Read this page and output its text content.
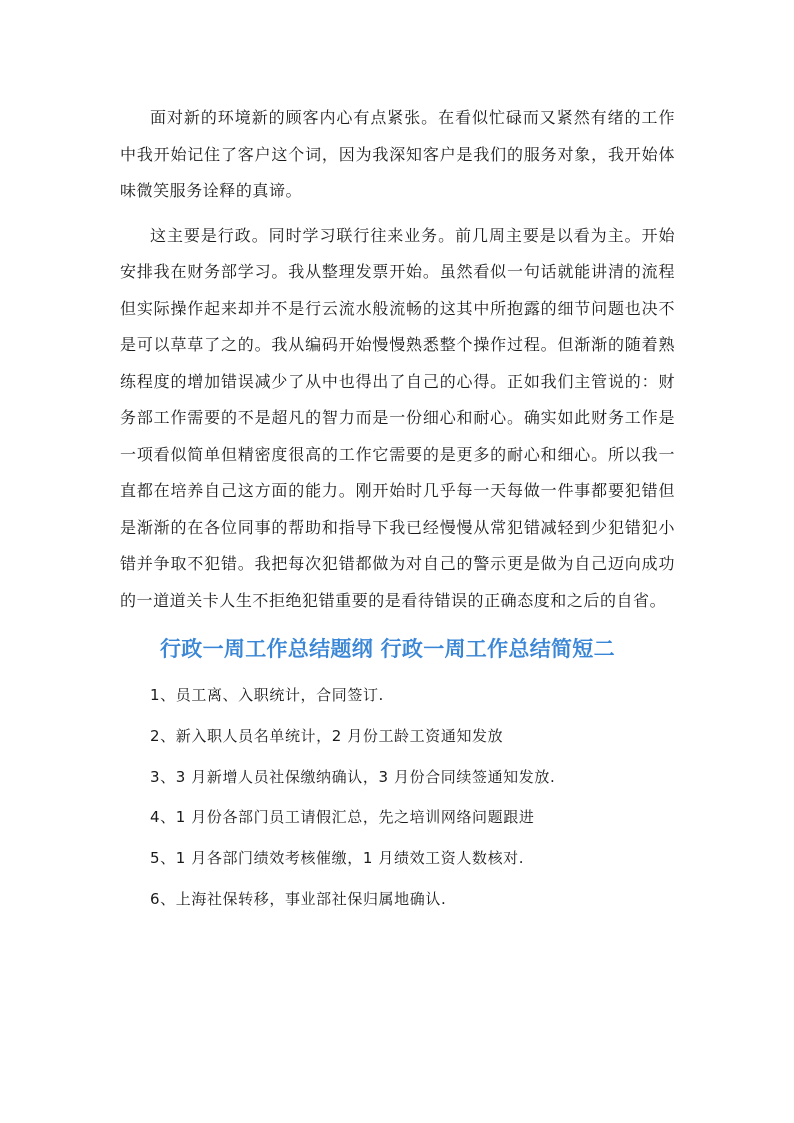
面对新的环境新的顾客内心有点紧张。在看似忙碌而又紧然有绪的工作中我开始记住了客户这个词，因为我深知客户是我们的服务对象，我开始体味微笑服务诠释的真谛。

这主要是行政。同时学习联行往来业务。前几周主要是以看为主。开始安排我在财务部学习。我从整理发票开始。虽然看似一句话就能讲清的流程但实际操作起来却并不是行云流水般流畅的这其中所抱露的细节问题也决不是可以草草了之的。我从编码开始慢慢熟悉整个操作过程。但渐渐的随着熟练程度的增加错误减少了从中也得出了自己的心得。正如我们主管说的：财务部工作需要的不是超凡的智力而是一份细心和耐心。确实如此财务工作是一项看似简单但精密度很高的工作它需要的是更多的耐心和细心。所以我一直都在培养自己这方面的能力。刚开始时几乎每一天每做一件事都要犯错但是渐渐的在各位同事的帮助和指导下我已经慢慢从常犯错减轻到少犯错犯小错并争取不犯错。我把每次犯错都做为对自己的警示更是做为自己迈向成功的一道道关卡人生不拒绝犯错重要的是看待错误的正确态度和之后的自省。

行政一周工作总结题纲 行政一周工作总结简短二
1、员工离、入职统计，合同签订.
2、新入职人员名单统计，2 月份工龄工资通知发放
3、3 月新增人员社保缴纳确认，3 月份合同续签通知发放.
4、1 月份各部门员工请假汇总，先之培训网络问题跟进
5、1 月各部门绩效考核催缴，1 月绩效工资人数核对.
6、上海社保转移，事业部社保归属地确认.
